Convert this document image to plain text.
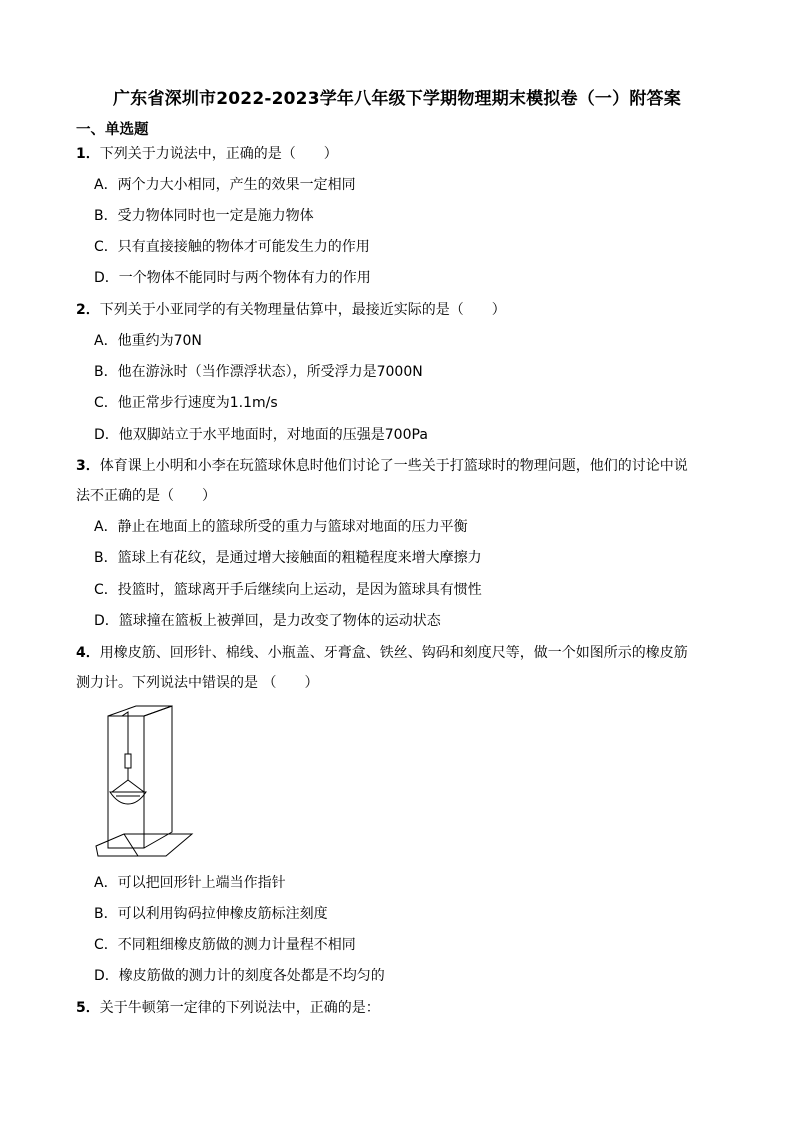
广东省深圳市2022-2023学年八年级下学期物理期末模拟卷（一）附答案
一、单选题
1．下列关于力说法中，正确的是（　　）
A．两个力大小相同，产生的效果一定相同
B．受力物体同时也一定是施力物体
C．只有直接接触的物体才可能发生力的作用
D．一个物体不能同时与两个物体有力的作用
2．下列关于小亚同学的有关物理量估算中，最接近实际的是（　　）
A．他重约为70N
B．他在游泳时（当作漂浮状态），所受浮力是7000N
C．他正常步行速度为1.1m/s
D．他双脚站立于水平地面时，对地面的压强是700Pa
3．体育课上小明和小李在玩篮球休息时他们讨论了一些关于打篮球时的物理问题，他们的讨论中说
法不正确的是（　　）
A．静止在地面上的篮球所受的重力与篮球对地面的压力平衡
B．篮球上有花纹，是通过增大接触面的粗糙程度来增大摩擦力
C．投篮时，篮球离开手后继续向上运动，是因为篮球具有惯性
D．篮球撞在篮板上被弹回，是力改变了物体的运动状态
4．用橡皮筋、回形针、棉线、小瓶盖、牙膏盒、铁丝、钩码和刻度尺等，做一个如图所示的橡皮筋
测力计。下列说法中错误的是 （　　）
A．可以把回形针上端当作指针
B．可以利用钩码拉伸橡皮筋标注刻度
C．不同粗细橡皮筋做的测力计量程不相同
D．橡皮筋做的测力计的刻度各处都是不均匀的
5．关于牛顿第一定律的下列说法中，正确的是：
